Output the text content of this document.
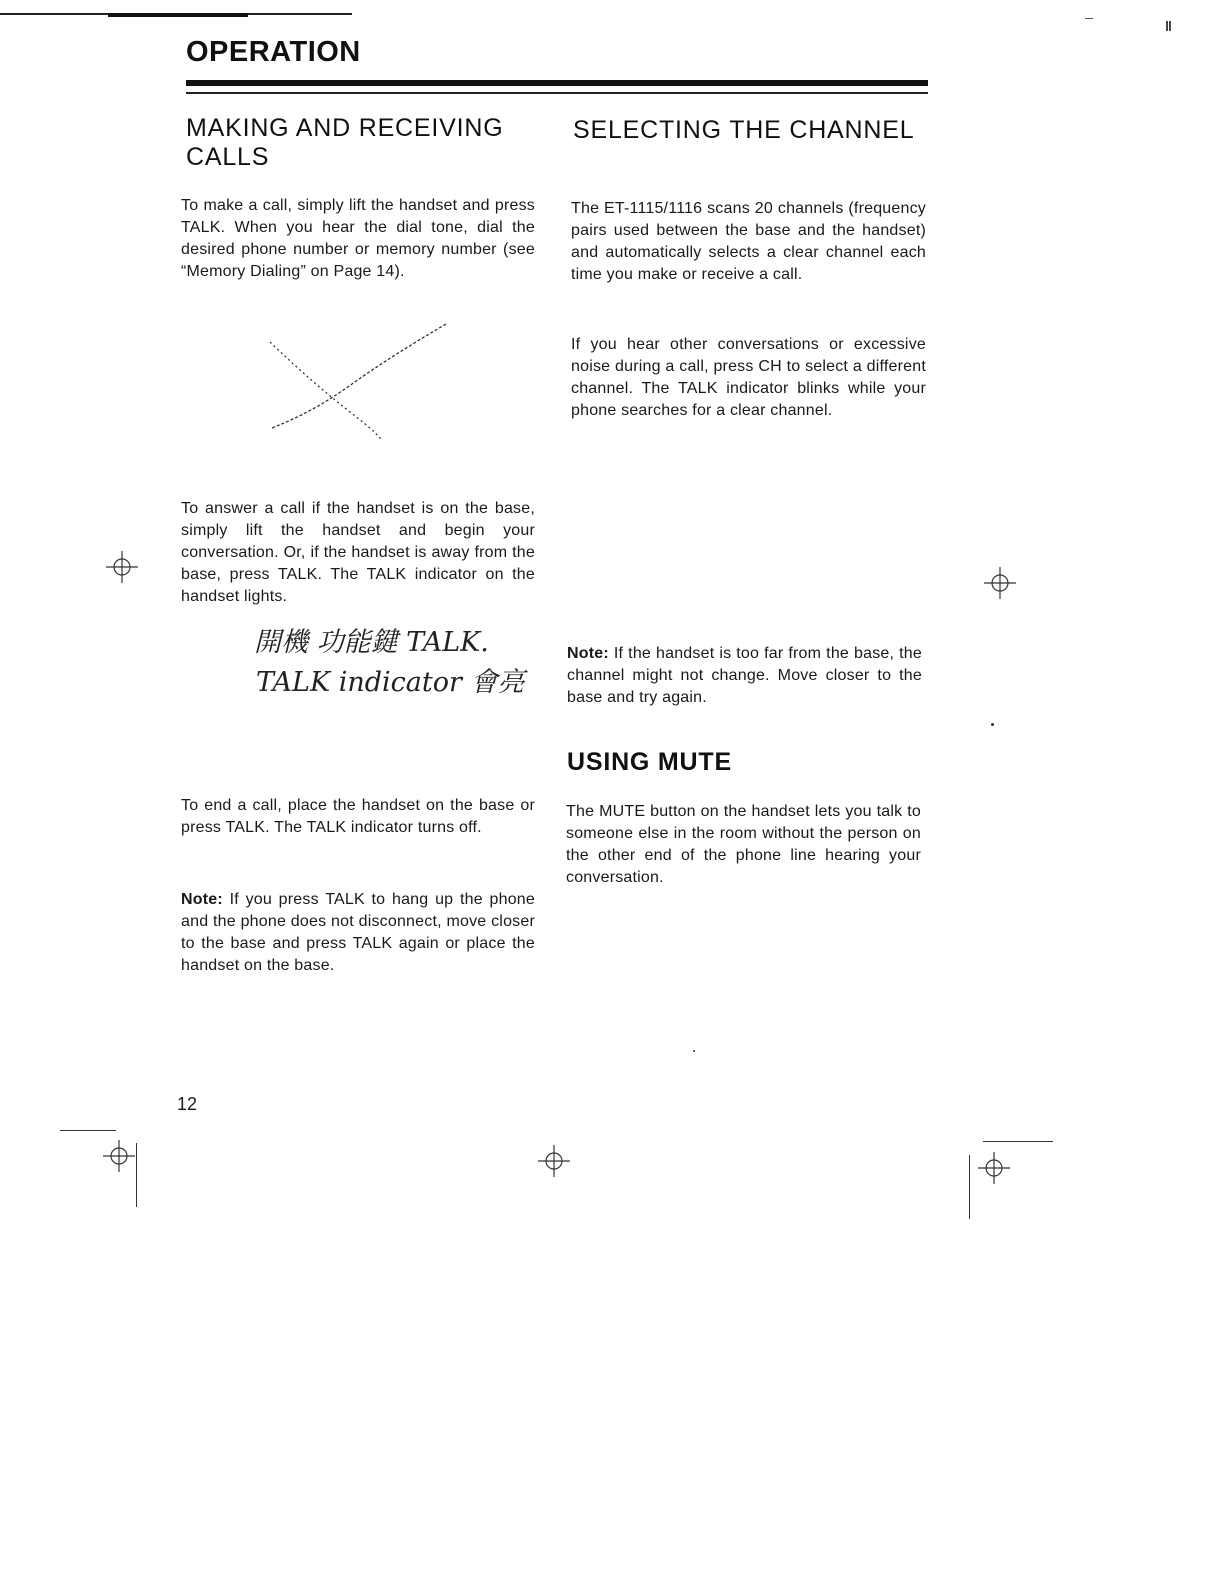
ǁ
OPERATION
MAKING AND RECEIVING CALLS
To make a call, simply lift the handset and press TALK. When you hear the dial tone, dial the desired phone number or memory number (see “Memory Dialing” on Page 14).
To answer a call if the handset is on the base, simply lift the handset and begin your conversation. Or, if the handset is away from the base, press TALK. The TALK indicator on the handset lights.
開機 功能鍵 TALK.
TALK indicator 會亮
To end a call, place the handset on the base or press TALK. The TALK indicator turns off.
Note: If you press TALK to hang up the phone and the phone does not disconnect, move closer to the base and press TALK again or place the handset on the base.
SELECTING THE CHANNEL
The ET-1115/1116 scans 20 channels (frequency pairs used between the base and the handset) and automatically selects a clear channel each time you make or receive a call.
If you hear other conversations or excessive noise during a call, press CH to select a different channel. The TALK indicator blinks while your phone searches for a clear channel.
Note: If the handset is too far from the base, the channel might not change. Move closer to the base and try again.
USING MUTE
The MUTE button on the handset lets you talk to someone else in the room without the person on the other end of the phone line hearing your conversation.
12
